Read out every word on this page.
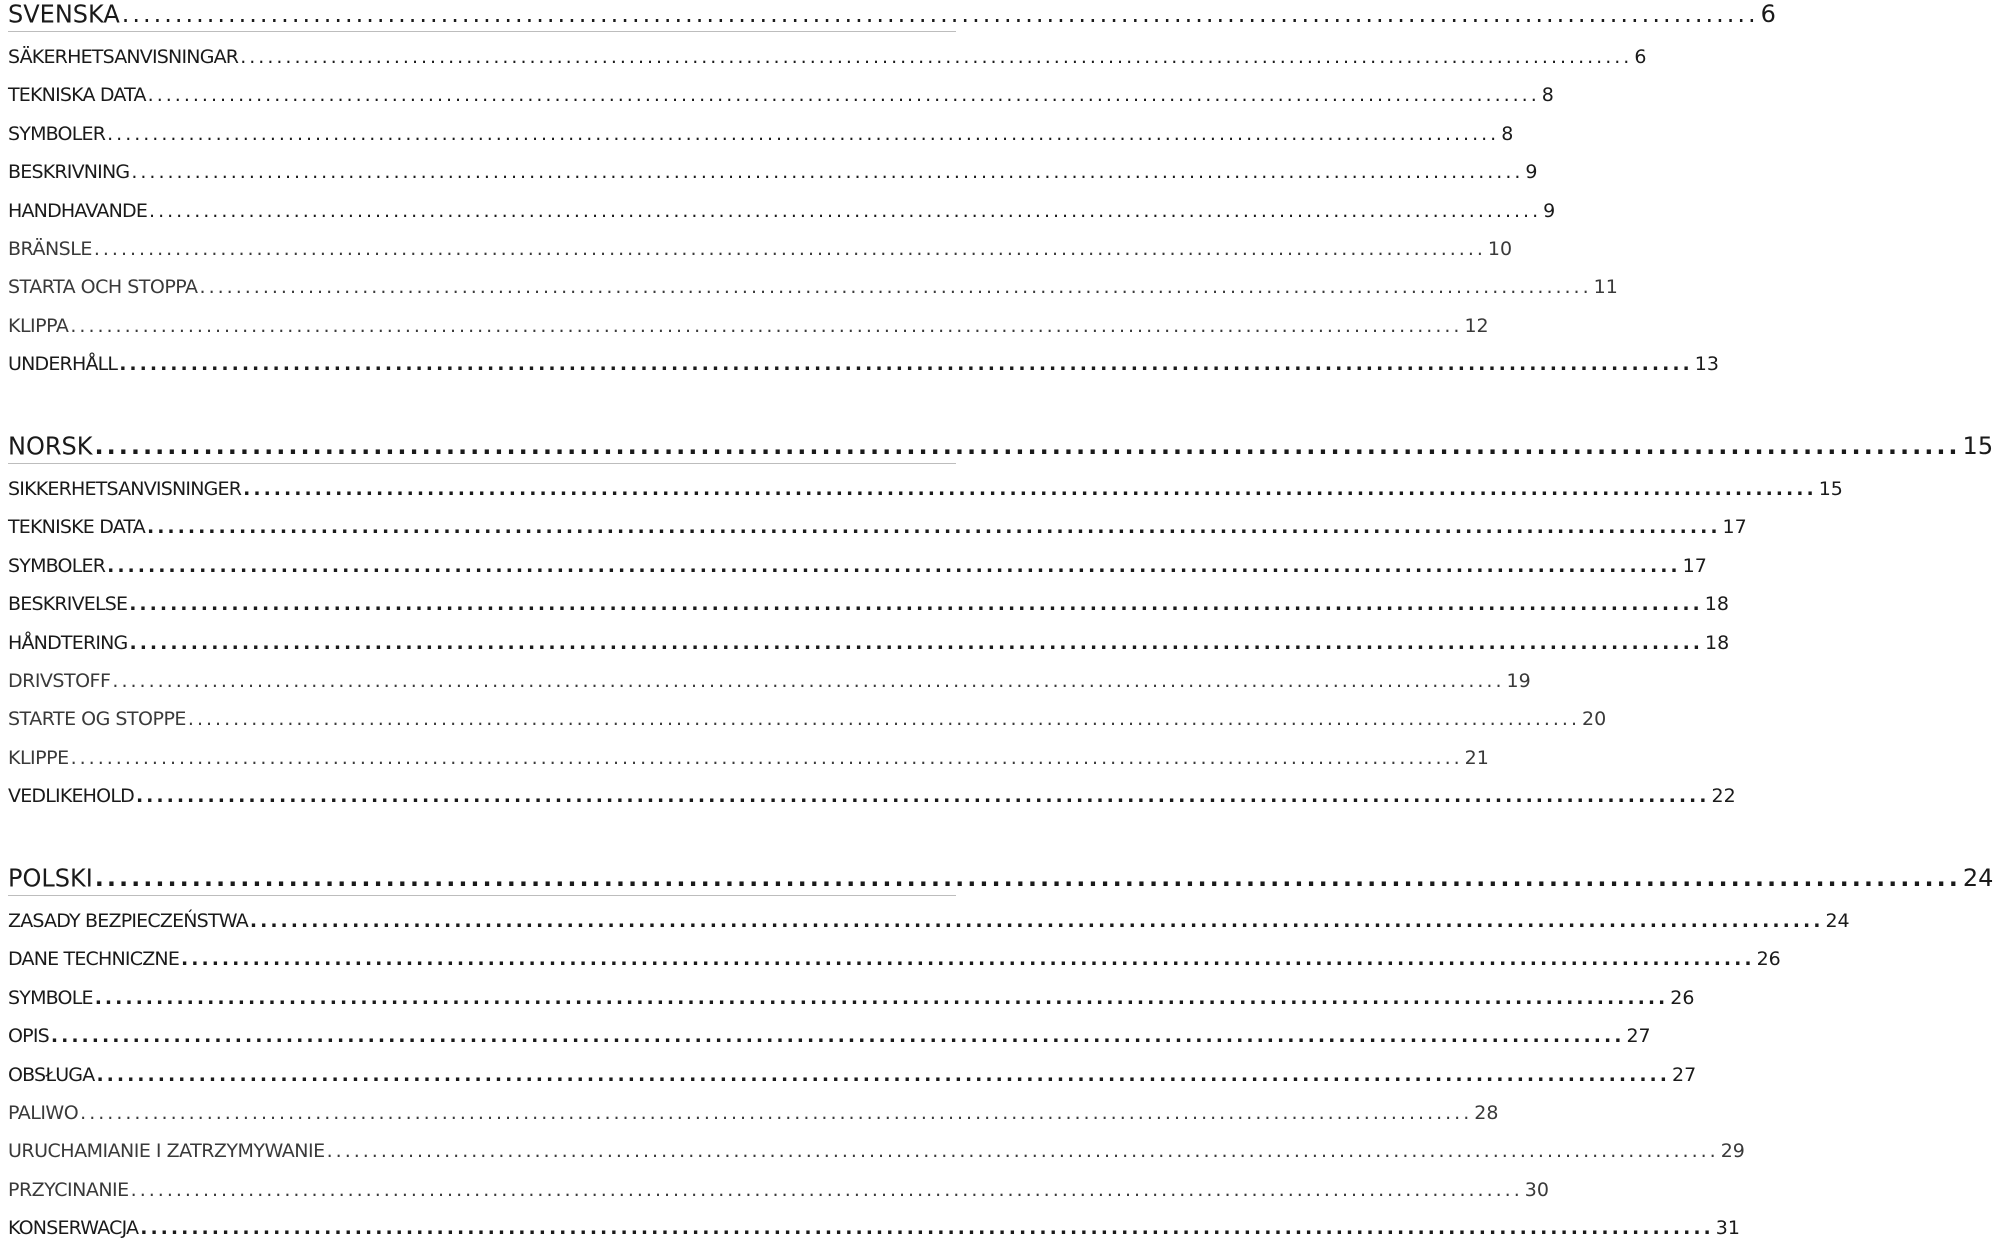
SVENSKA .......................................................................................................................................................... 6
SÄKERHETSANVISNINGAR .......................................................................................................................................................... 6
TEKNISKA DATA .......................................................................................................................................................... 8
SYMBOLER .......................................................................................................................................................... 8
BESKRIVNING .......................................................................................................................................................... 9
HANDHAVANDE .......................................................................................................................................................... 9
BRÄNSLE .......................................................................................................................................................... 10
STARTA OCH STOPPA .......................................................................................................................................................... 11
KLIPPA .......................................................................................................................................................... 12
UNDERHÅLL .......................................................................................................................................................... 13
NORSK .......................................................................................................................................................... 15
SIKKERHETSANVISNINGER .......................................................................................................................................................... 15
TEKNISKE DATA .......................................................................................................................................................... 17
SYMBOLER .......................................................................................................................................................... 17
BESKRIVELSE .......................................................................................................................................................... 18
HÅNDTERING .......................................................................................................................................................... 18
DRIVSTOFF .......................................................................................................................................................... 19
STARTE OG STOPPE .......................................................................................................................................................... 20
KLIPPE .......................................................................................................................................................... 21
VEDLIKEHOLD .......................................................................................................................................................... 22
POLSKI .......................................................................................................................................................... 24
ZASADY BEZPIECZEŃSTWA .......................................................................................................................................................... 24
DANE TECHNICZNE .......................................................................................................................................................... 26
SYMBOLE .......................................................................................................................................................... 26
OPIS .......................................................................................................................................................... 27
OBSŁUGA .......................................................................................................................................................... 27
PALIWO .......................................................................................................................................................... 28
URUCHAMIANIE I ZATRZYMYWANIE .......................................................................................................................................................... 29
PRZYCINANIE .......................................................................................................................................................... 30
KONSERWACJA .......................................................................................................................................................... 31
